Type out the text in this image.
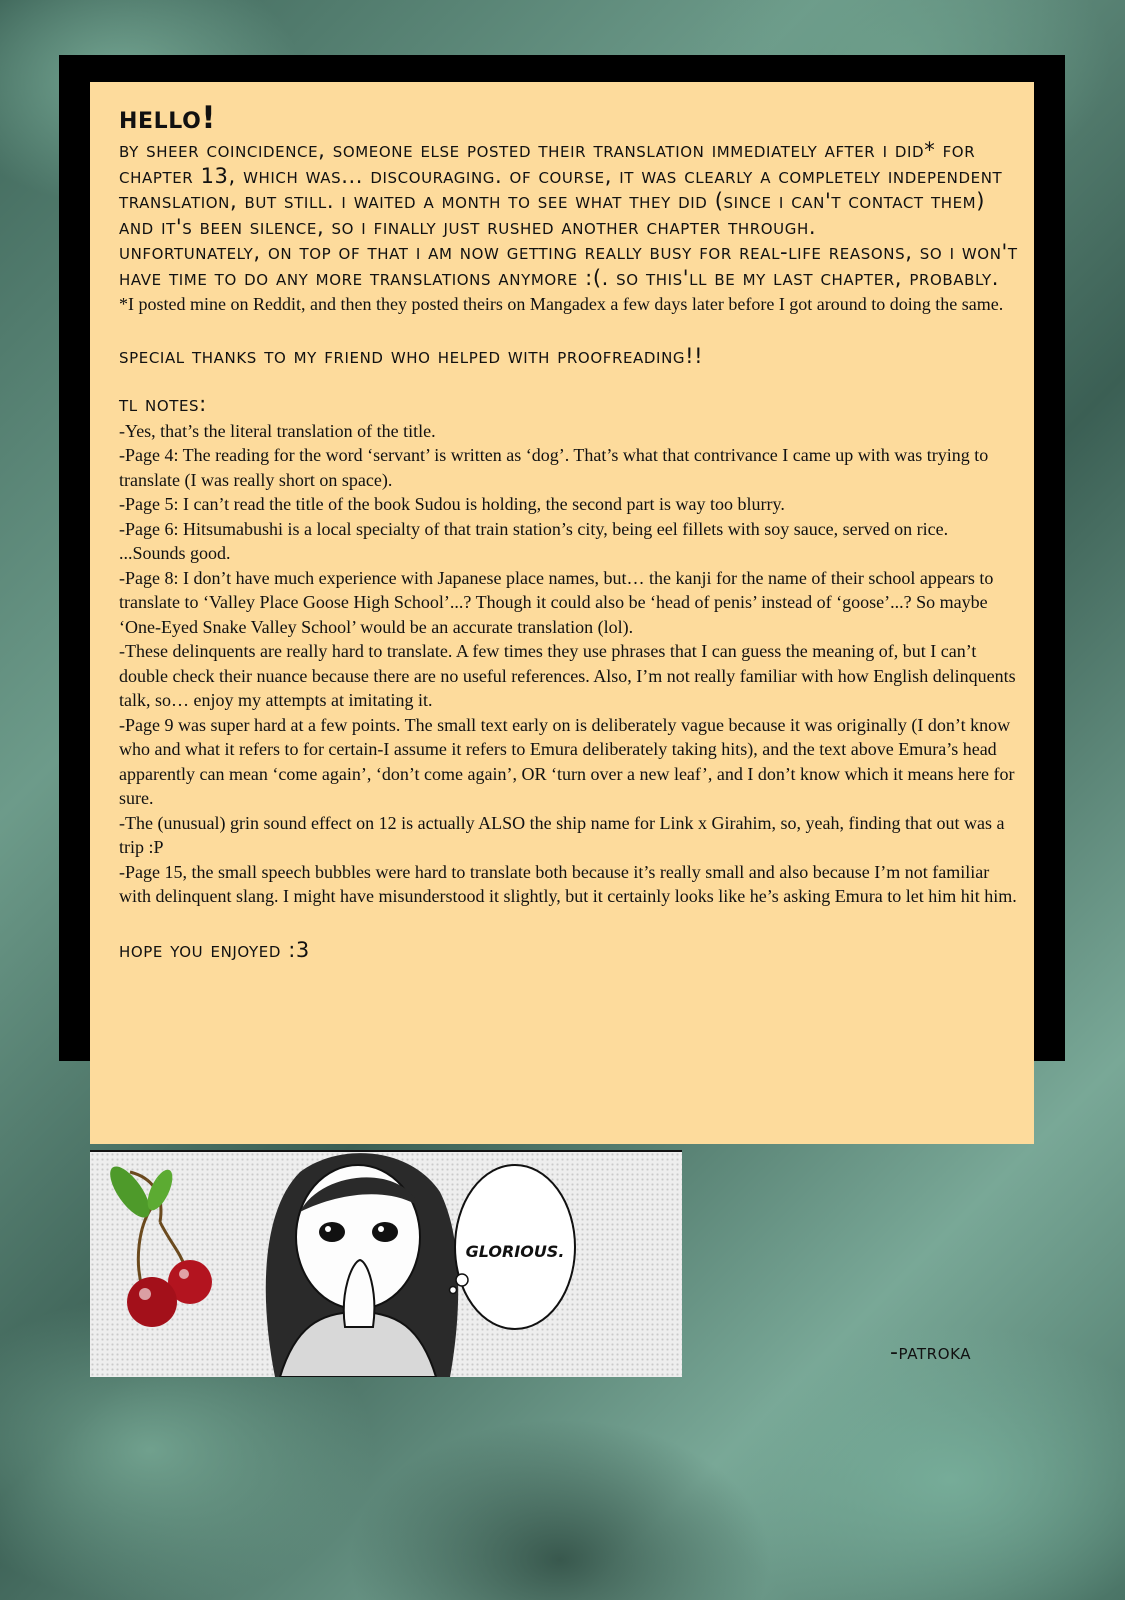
hello!

by sheer coincidence, someone else posted their translation immediately after i did* for chapter 13, which was... discouraging. of course, it was clearly a completely independent translation, but still. i waited a month to see what they did (since i can't contact them) and it's been silence, so i finally just rushed another chapter through.

unfortunately, on top of that i am now getting really busy for real-life reasons, so i won't have time to do any more translations anymore :(. so this'll be my last chapter, probably.

*I posted mine on Reddit, and then they posted theirs on Mangadex a few days later before I got around to doing the same.

special thanks to my friend who helped with proofreading!!
tl notes:

-Yes, that’s the literal translation of the title.

-Page 4: The reading for the word ‘servant’ is written as ‘dog’. That’s what that contrivance I came up with was trying to translate (I was really short on space).

-Page 5: I can’t read the title of the book Sudou is holding, the second part is way too blurry.

-Page 6: Hitsumabushi is a local specialty of that train station’s city, being eel fillets with soy sauce, served on rice. ...Sounds good.

-Page 8: I don’t have much experience with Japanese place names, but… the kanji for the name of their school appears to translate to ‘Valley Place Goose High School’...? Though it could also be ‘head of penis’ instead of ‘goose’...? So maybe ‘One-Eyed Snake Valley School’ would be an accurate translation (lol).

-These delinquents are really hard to translate. A few times they use phrases that I can guess the meaning of, but I can’t double check their nuance because there are no useful references. Also, I’m not really familiar with how English delinquents talk, so… enjoy my attempts at imitating it.

-Page 9 was super hard at a few points. The small text early on is deliberately vague because it was originally (I don’t know who and what it refers to for certain-I assume it refers to Emura deliberately taking hits), and the text above Emura’s head apparently can mean ‘come again’, ‘don’t come again’, OR ‘turn over a new leaf’, and I don’t know which it means here for sure.

-The (unusual) grin sound effect on 12 is actually ALSO the ship name for Link x Girahim, so, yeah, finding that out was a trip :P

-Page 15, the small speech bubbles were hard to translate both because it’s really small and also because I’m not familiar with delinquent slang. I might have misunderstood it slightly, but it certainly looks like he’s asking Emura to let him hit him.

hope you enjoyed :3
GLORIOUS.
-patroka
